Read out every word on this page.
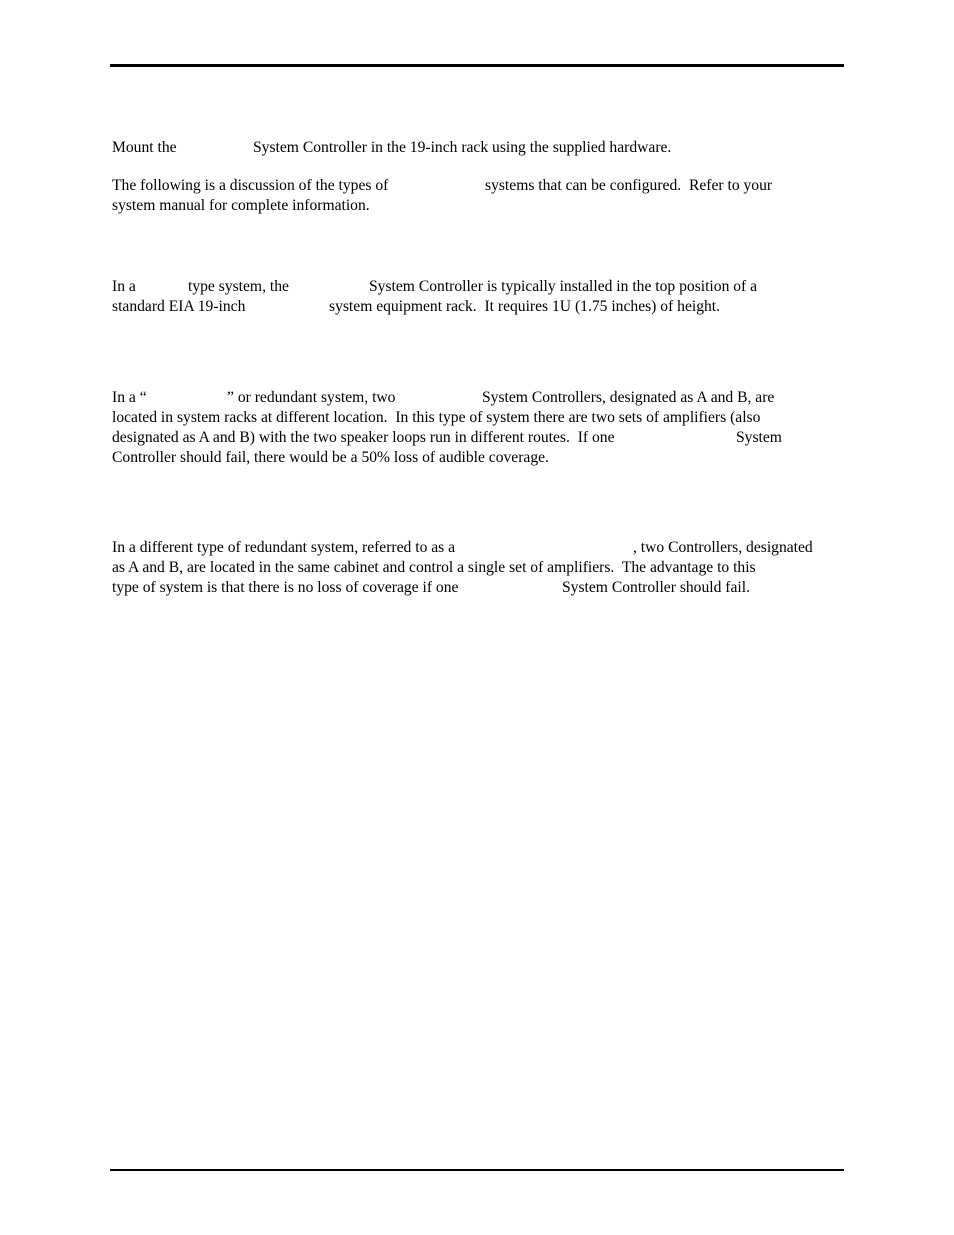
Mount the	System Controller in the 19-inch rack using the supplied hardware.
The following is a discussion of the types of	systems that can be configured.  Refer to your
system manual for complete information.
In a	type system, the	System Controller is typically installed in the top position of a
standard EIA 19-inch	system equipment rack.  It requires 1U (1.75 inches) of height.
In a “	” or redundant system, two	System Controllers, designated as A and B, are
located in system racks at different location.  In this type of system there are two sets of amplifiers (also
designated as A and B) with the two speaker loops run in different routes.  If one	System
Controller should fail, there would be a 50% loss of audible coverage.
In a different type of redundant system, referred to as a	, two Controllers, designated
as A and B, are located in the same cabinet and control a single set of amplifiers.  The advantage to this
type of system is that there is no loss of coverage if one	System Controller should fail.
